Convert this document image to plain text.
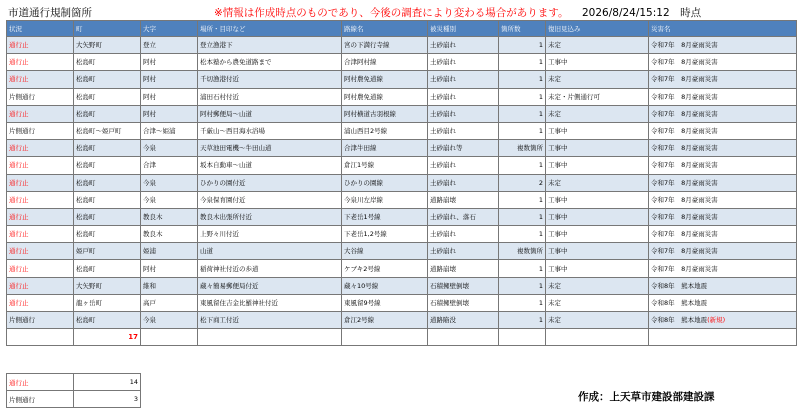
市道通行規制箇所	※情報は作成時点のものであり、今後の調査により変わる場合があります。 2026/8/24/15:12　時点
状況	町	大字	場所・目印など	路線名	被災種別	箇所数	復旧見込み	災害名
通行止	大矢野町	登立	登立漁港下	宮の下満行寺線	土砂崩れ	1	未定	令和7年　8月豪雨災害
通行止	松島町	阿村	松本塾から農免道路まで	合津阿村線	土砂崩れ	1	工事中	令和7年　8月豪雨災害
通行止	松島町	阿村	千切漁港付近	阿村農免道線	土砂崩れ	1	未定	令和7年　8月豪雨災害
片側通行	松島町	阿村	浦田石村付近	阿村農免道線	土砂崩れ	1	未定・片側通行可	令和7年　8月豪雨災害
通行止	松島町	阿村	阿村郵便局～山道	阿村横道古羽根線	土砂崩れ	1	未定	令和7年　8月豪雨災害
片側通行	松島町～姫戸町	合津～姫浦	千厳山～西目海水浴場	浦山西目2号線	土砂崩れ	1	工事中	令和7年　8月豪雨災害
通行止	松島町	今泉	天草池田電機～牛田山道	合津牛田線	土砂崩れ等	複数箇所	工事中	令和7年　8月豪雨災害
通行止	松島町	合津	坂本自動車～山道	倉江1号線	土砂崩れ	1	工事中	令和7年　8月豪雨災害
通行止	松島町	今泉	ひかりの園付近	ひかりの園線	土砂崩れ	2	未定	令和7年　8月豪雨災害
通行止	松島町	今泉	今泉保育園付近	今泉川左岸線	道路崩壊	1	工事中	令和7年　8月豪雨災害
通行止	松島町	教良木	教良木出張所付近	下老岳1号線	土砂崩れ、落石	1	工事中	令和7年　8月豪雨災害
通行止	松島町	教良木	上野々川付近	下老岳1,2号線	土砂崩れ	1	工事中	令和7年　8月豪雨災害
通行止	姫戸町	姫浦	山道	大谷線	土砂崩れ	複数箇所	工事中	令和7年　8月豪雨災害
通行止	松島町	阿村	稲荷神社付近の歩道	ケブキ2号線	道路崩壊	1	工事中	令和7年　8月豪雨災害
通行止	大矢野町	維和	蔵々簡易郵便局付近	蔵々10号線	石積擁壁倒壊	1	未定	令和8年　熊本地震
通行止	龍ヶ岳町	高戸	東風留住吉金比羅神社付近	東風留9号線	石積擁壁倒壊	1	未定	令和8年　熊本地震
片側通行	松島町	今泉	松下商工付近	倉江2号線	道路陥没	1	未定	令和8年　熊本地震(新規)
	17							
通行止	14
片側通行	3	作成：上天草市建設部建設課
